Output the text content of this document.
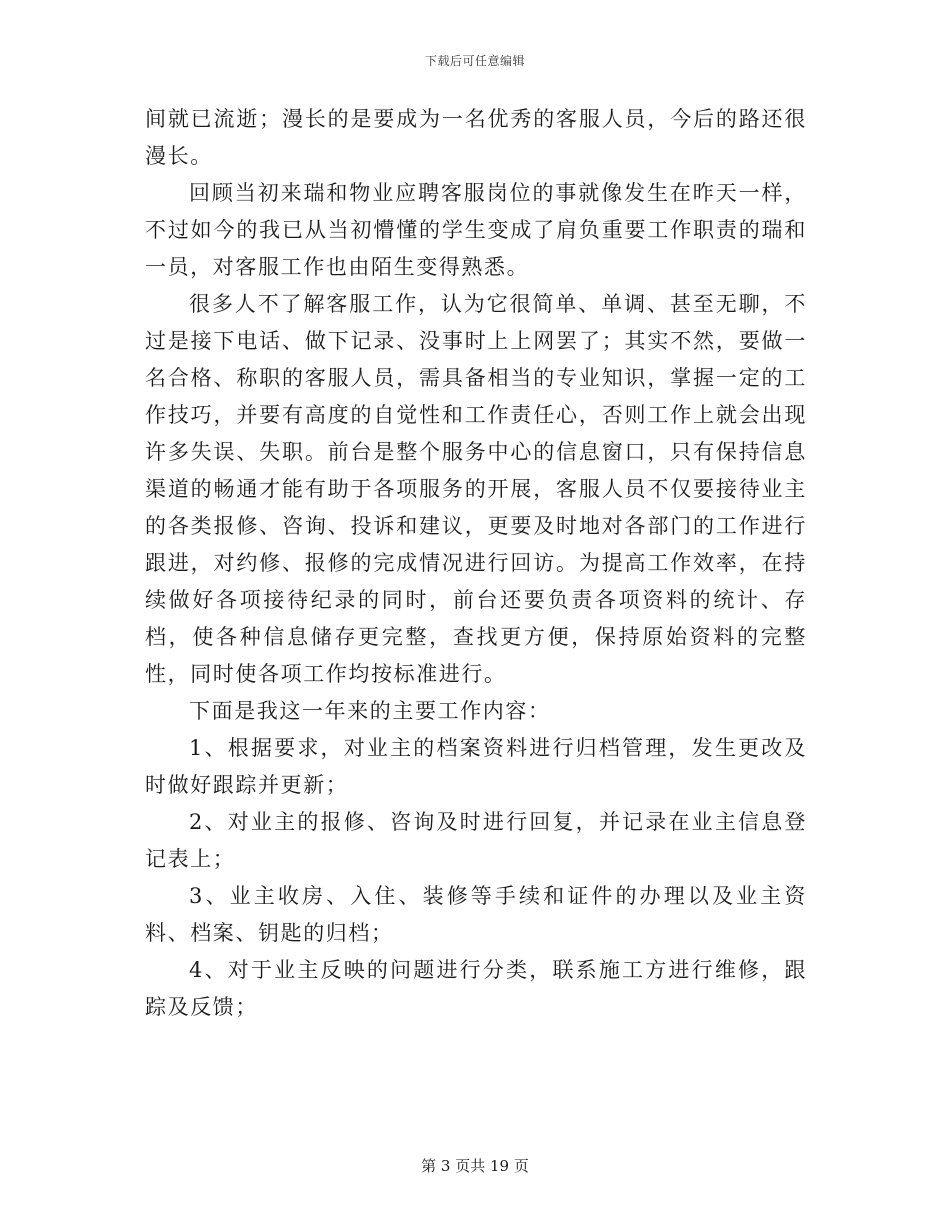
下载后可任意编辑

间就已流逝；漫长的是要成为一名优秀的客服人员，今后的路还很漫长。

回顾当初来瑞和物业应聘客服岗位的事就像发生在昨天一样，不过如今的我已从当初懵懂的学生变成了肩负重要工作职责的瑞和一员，对客服工作也由陌生变得熟悉。

很多人不了解客服工作，认为它很简单、单调、甚至无聊，不过是接下电话、做下记录、没事时上上网罢了；其实不然，要做一名合格、称职的客服人员，需具备相当的专业知识，掌握一定的工作技巧，并要有高度的自觉性和工作责任心，否则工作上就会出现许多失误、失职。前台是整个服务中心的信息窗口，只有保持信息渠道的畅通才能有助于各项服务的开展，客服人员不仅要接待业主的各类报修、咨询、投诉和建议，更要及时地对各部门的工作进行跟进，对约修、报修的完成情况进行回访。为提高工作效率，在持续做好各项接待纪录的同时，前台还要负责各项资料的统计、存档，使各种信息储存更完整，查找更方便，保持原始资料的完整性，同时使各项工作均按标准进行。

下面是我这一年来的主要工作内容：

1、根据要求，对业主的档案资料进行归档管理，发生更改及时做好跟踪并更新；

2、对业主的报修、咨询及时进行回复，并记录在业主信息登记表上；

3、业主收房、入住、装修等手续和证件的办理以及业主资料、档案、钥匙的归档；

4、对于业主反映的问题进行分类，联系施工方进行维修，跟踪及反馈；

第 3 页共 19 页
